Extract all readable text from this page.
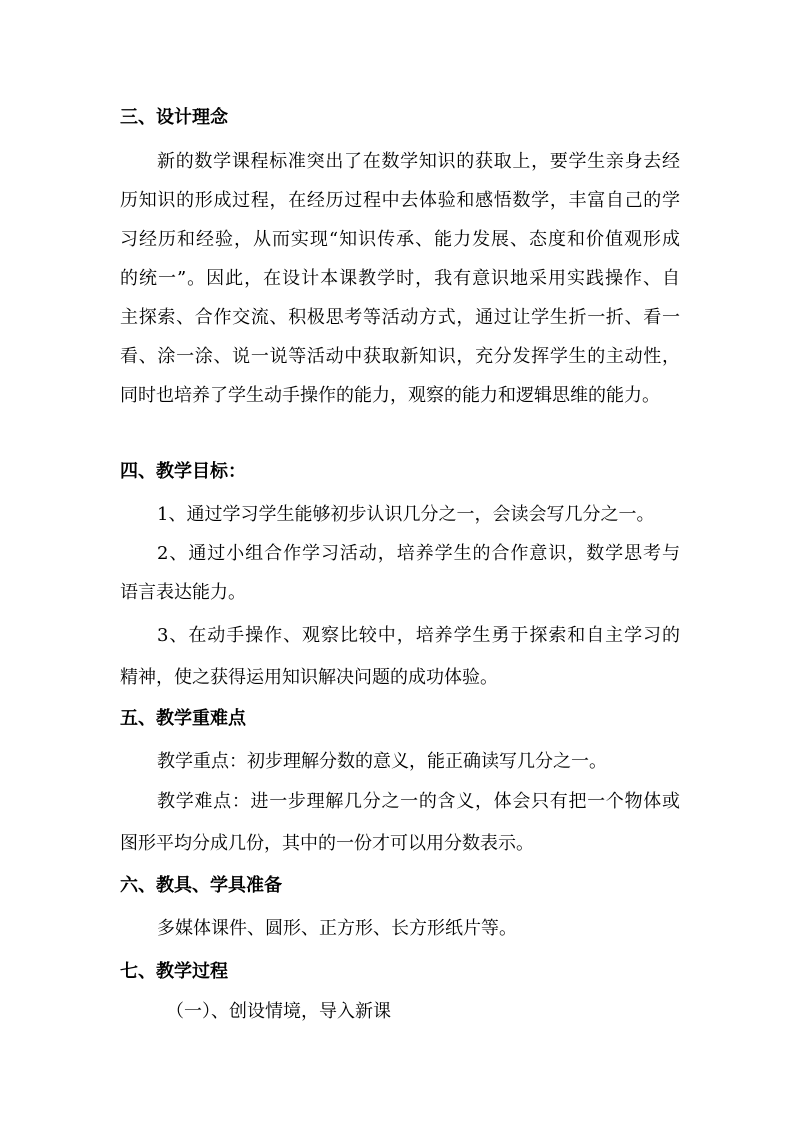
三、设计理念
新的数学课程标准突出了在数学知识的获取上，要学生亲身去经
历知识的形成过程，在经历过程中去体验和感悟数学，丰富自己的学
习经历和经验，从而实现“知识传承、能力发展、态度和价值观形成
的统一”。因此，在设计本课教学时，我有意识地采用实践操作、自
主探索、合作交流、积极思考等活动方式，通过让学生折一折、看一
看、涂一涂、说一说等活动中获取新知识，充分发挥学生的主动性，
同时也培养了学生动手操作的能力，观察的能力和逻辑思维的能力。
四、教学目标：
1、通过学习学生能够初步认识几分之一，会读会写几分之一。
2、通过小组合作学习活动，培养学生的合作意识，数学思考与
语言表达能力。
3、在动手操作、观察比较中，培养学生勇于探索和自主学习的
精神，使之获得运用知识解决问题的成功体验。
五、教学重难点
教学重点：初步理解分数的意义，能正确读写几分之一。
教学难点：进一步理解几分之一的含义，体会只有把一个物体或
图形平均分成几份，其中的一份才可以用分数表示。
六、教具、学具准备
多媒体课件、圆形、正方形、长方形纸片等。
七、教学过程
（一）、创设情境，导入新课
